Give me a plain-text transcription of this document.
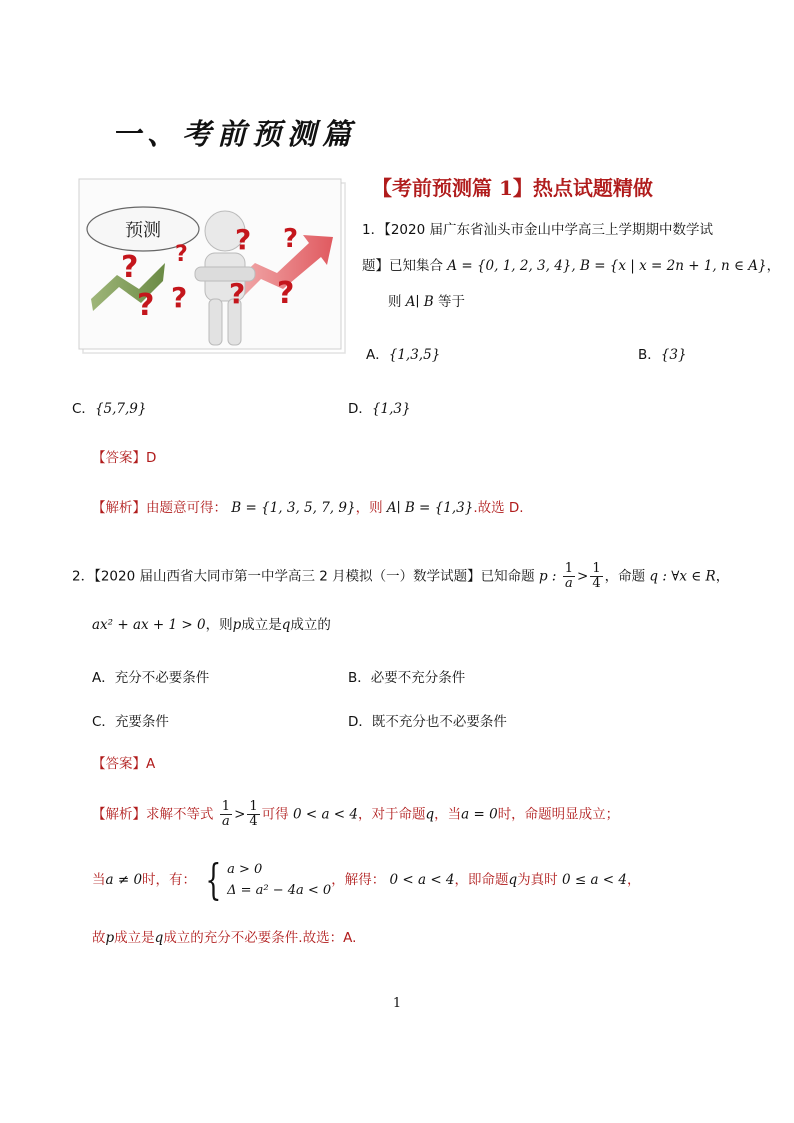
一、考前预测篇
【考前预测篇 1】热点试题精做
预测
?
? ? ? ?
? ?
?
1．【2020 届广东省汕头市金山中学高三上学期期中数学试
题】已知集合 A = {0, 1, 2, 3, 4}, B = {x | x = 2n + 1, n ∈ A}，
则 A∣ B 等于
A．{1,3,5}	B．{3}
C．{5,7,9}	D．{1,3}
【答案】D
【解析】由题意可得： B = {1, 3, 5, 7, 9}，则 A∣ B = {1,3}.故选 D.
2．【2020 届山西省大同市第一中学高三 2 月模拟（一）数学试题】已知命题 p : $\frac{1}{a} > \frac{1}{4}$ ，命题 q : ∀x ∈ R，
ax² + ax + 1 > 0，则p成立是q成立的
A．充分不必要条件	B．必要不充分条件
C．充要条件	D．既不充分也不必要条件
【答案】A
【解析】求解不等式 $\frac{1}{a} > \frac{1}{4}$ 可得 0 < a < 4，对于命题q，当a = 0时，命题明显成立；
当a ≠ 0时，有： { a > 0
Δ = a² − 4a < 0
，解得： 0 < a < 4，即命题q为真时 0 ≤ a < 4，
故p成立是q成立的充分不必要条件.故选：A.
1
